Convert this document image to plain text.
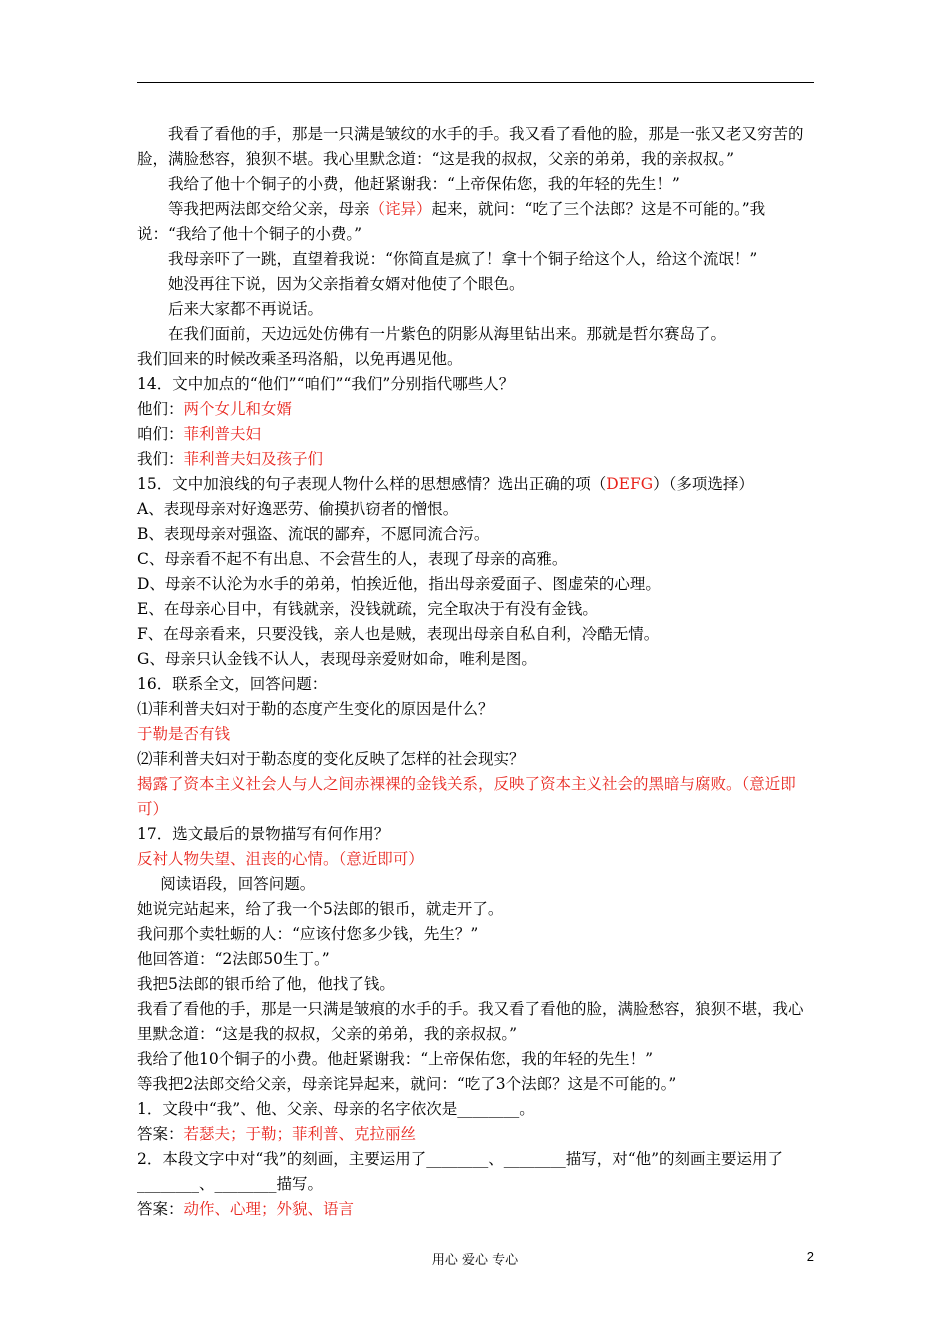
我看了看他的手，那是一只满是皱纹的水手的手。我又看了看他的脸，那是一张又老又穷苦的脸，满脸愁容，狼狈不堪。我心里默念道：“这是我的叔叔，父亲的弟弟，我的亲叔叔。”

我给了他十个铜子的小费，他赶紧谢我：“上帝保佑您，我的年轻的先生！”

等我把两法郎交给父亲，母亲（诧异）起来，就问：“吃了三个法郎？这是不可能的。”我说：“我给了他十个铜子的小费。”

我母亲吓了一跳，直望着我说：“你简直是疯了！拿十个铜子给这个人，给这个流氓！”

她没再往下说，因为父亲指着女婿对他使了个眼色。

后来大家都不再说话。

在我们面前，天边远处仿佛有一片紫色的阴影从海里钻出来。那就是哲尔赛岛了。

我们回来的时候改乘圣玛洛船，以免再遇见他。

14．文中加点的“他们”“咱们”“我们”分别指代哪些人？

他们：两个女儿和女婿

咱们：菲利普夫妇

我们：菲利普夫妇及孩子们

15．文中加浪线的句子表现人物什么样的思想感情？选出正确的项（DEFG）（多项选择）

A、表现母亲对好逸恶劳、偷摸扒窃者的憎恨。

B、表现母亲对强盗、流氓的鄙弃，不愿同流合污。

C、母亲看不起不有出息、不会营生的人，表现了母亲的高雅。

D、母亲不认沦为水手的弟弟，怕挨近他，指出母亲爱面子、图虚荣的心理。

E、在母亲心目中，有钱就亲，没钱就疏，完全取决于有没有金钱。

F、在母亲看来，只要没钱，亲人也是贼，表现出母亲自私自利，冷酷无情。

G、母亲只认金钱不认人，表现母亲爱财如命，唯利是图。

16．联系全文，回答问题：

⑴菲利普夫妇对于勒的态度产生变化的原因是什么？

于勒是否有钱

⑵菲利普夫妇对于勒态度的变化反映了怎样的社会现实？

揭露了资本主义社会人与人之间赤裸裸的金钱关系，反映了资本主义社会的黑暗与腐败。（意近即可）

17．选文最后的景物描写有何作用？

反衬人物失望、沮丧的心情。（意近即可）

阅读语段，回答问题。

她说完站起来，给了我一个5法郎的银币，就走开了。

我问那个卖牡蛎的人：“应该付您多少钱，先生？”

他回答道：“2法郎50生丁。”

我把5法郎的银币给了他，他找了钱。

我看了看他的手，那是一只满是皱痕的水手的手。我又看了看他的脸，满脸愁容，狼狈不堪，我心里默念道：“这是我的叔叔，父亲的弟弟，我的亲叔叔。”

我给了他10个铜子的小费。他赶紧谢我：“上帝保佑您，我的年轻的先生！”

等我把2法郎交给父亲，母亲诧异起来，就问：“吃了3个法郎？这是不可能的。”

1．文段中“我”、他、父亲、母亲的名字依次是________。

答案：若瑟夫；于勒；菲利普、克拉丽丝

2．本段文字中对“我”的刻画，主要运用了________、________描写，对“他”的刻画主要运用了________、________描写。

答案：动作、心理；外貌、语言

用心 爱心 专心	2
